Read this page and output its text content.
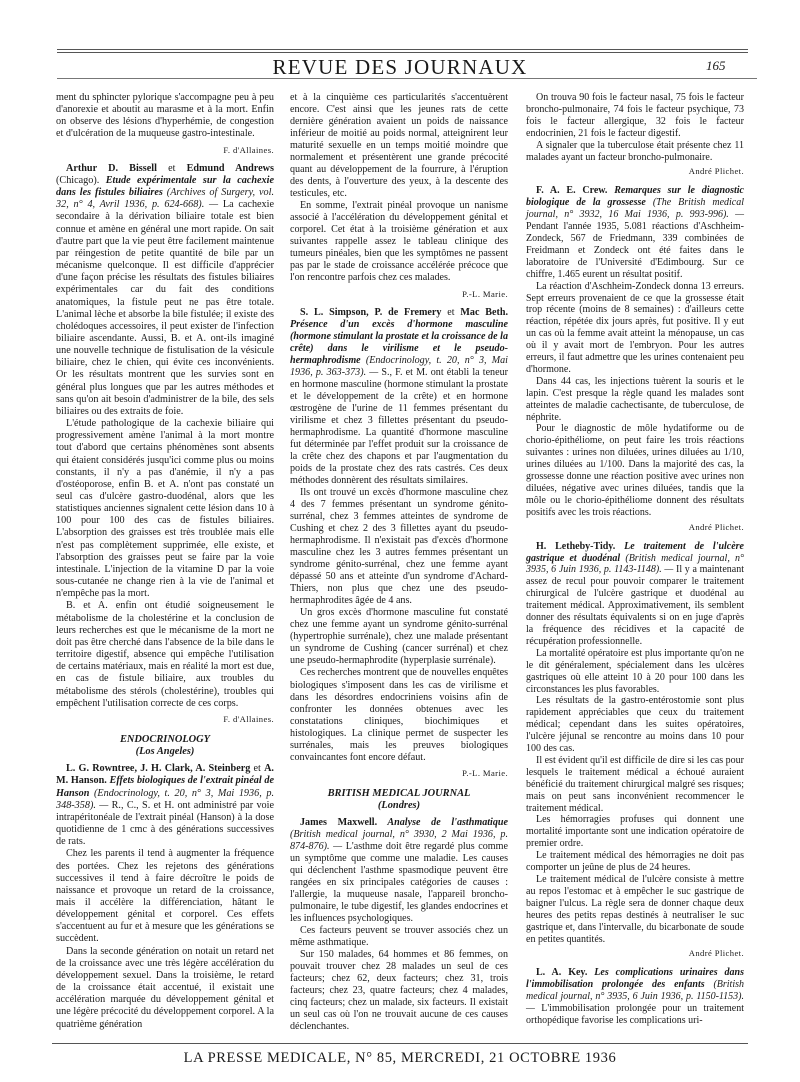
REVUE DES JOURNAUX	165

ment du sphincter pylorique s'accompagne peu à peu d'anorexie et aboutit au marasme et à la mort. Enfin on observe des lésions d'hyperhémie, de congestion et d'ulcération de la muqueuse gastro-intestinale.

F. d'Allaines.

Arthur D. Bissell et Edmund Andrews (Chicago). Etude expérimentale sur la cachexie dans les fistules biliaires (Archives of Surgery, vol. 32, n° 4, Avril 1936, p. 624-668). — La cachexie secondaire à la dérivation biliaire totale est bien connue et amène en général une mort rapide. On sait d'autre part que la vie peut être facilement maintenue par réingestion de petite quantité de bile par un mécanisme quelconque. Il est difficile d'apprécier d'une façon précise les résultats des fistules biliaires expérimentales car du fait des conditions anatomiques, la fistule peut ne pas être totale. L'animal lèche et absorbe la bile fistulée; il existe des cholédoques accessoires, il peut exister de l'infection biliaire ascendante. Aussi, B. et A. ont-ils imaginé une nouvelle technique de fistulisation de la vésicule biliaire, chez le chien, qui évite ces inconvénients. Or les résultats montrent que les survies sont en général plus longues que par les autres méthodes et sans qu'on ait besoin d'administrer de la bile, des sels biliaires ou des extraits de foie.

L'étude pathologique de la cachexie biliaire qui progressivement amène l'animal à la mort montre tout d'abord que certains phénomènes sont absents qui étaient considérés jusqu'ici comme plus ou moins constants, il n'y a pas d'anémie, il n'y a pas d'ostéoporose, enfin B. et A. n'ont pas constaté un seul cas d'ulcère gastro-duodénal, alors que les statistiques anciennes signalent cette lésion dans 10 à 100 pour 100 des cas de fistules biliaires. L'absorption des graisses est très troublée mais elle n'est pas complètement supprimée, elle existe, et l'absorption des graisses peut se faire par la voie intestinale. L'injection de la vitamine D par la voie sous-cutanée ne change rien à la vie de l'animal et n'empêche pas la mort.

B. et A. enfin ont étudié soigneusement le métabolisme de la cholestérine et la conclusion de leurs recherches est que le mécanisme de la mort ne doit pas être cherché dans l'absence de la bile dans le territoire digestif, absence qui empêche l'utilisation de certains matériaux, mais en réalité la mort est due, en cas de fistule biliaire, aux troubles du métabolisme des stérols (cholestérine), troubles qui empêchent l'utilisation correcte de ces corps.

F. d'Allaines.

ENDOCRINOLOGY

(Los Angeles)

L. G. Rowntree, J. H. Clark, A. Steinberg et A. M. Hanson. Effets biologiques de l'extrait pinéal de Hanson (Endocrinology, t. 20, n° 3, Mai 1936, p. 348-358). — R., C., S. et H. ont administré par voie intrapéritonéale de l'extrait pinéal (Hanson) à la dose quotidienne de 1 cmc à des générations successives de rats.

Chez les parents il tend à augmenter la fréquence des portées. Chez les rejetons des générations successives il tend à faire décroître le poids de naissance et provoque un retard de la croissance, mais il accélère la différenciation, hâtant le développement génital et corporel. Ces effets s'accentuent au fur et à mesure que les générations se succèdent.

Dans la seconde génération on notait un retard net de la croissance avec une très légère accélération du développement sexuel. Dans la troisième, le retard de la croissance était accentué, il existait une accélération marquée du développement génital et une légère précocité du développement corporel. A la quatrième génération

et à la cinquième ces particularités s'accentuèrent encore. C'est ainsi que les jeunes rats de cette dernière génération avaient un poids de naissance inférieur de moitié au poids normal, atteignirent leur maturité sexuelle en un temps moitié moindre que normalement et présentèrent une grande précocité quant au développement de la fourrure, à l'éruption des dents, à l'ouverture des yeux, à la descente des testicules, etc.

En somme, l'extrait pinéal provoque un nanisme associé à l'accélération du développement génital et corporel. Cet état à la troisième génération et aux suivantes rappelle assez le tableau clinique des tumeurs pinéales, bien que les symptômes ne passent pas par le stade de croissance accélérée précoce que l'on rencontre parfois chez ces malades.

P.-L. Marie.

S. L. Simpson, P. de Fremery et Mac Beth. Présence d'un excès d'hormone masculine (hormone stimulant la prostate et la croissance de la crête) dans le virilisme et le pseudo-hermaphrodisme (Endocrinology, t. 20, n° 3, Mai 1936, p. 363-373). — S., F. et M. ont établi la teneur en hormone masculine (hormone stimulant la prostate et le développement de la crête) et en hormone œstrogène de l'urine de 11 femmes présentant du virilisme et chez 3 fillettes présentant du pseudo-hermaphrodisme. La quantité d'hormone masculine fut déterminée par l'effet produit sur la croissance de la crête chez des chapons et par l'augmentation du poids de la prostate chez des rats castrés. Ces deux méthodes donnèrent des résultats similaires.

Ils ont trouvé un excès d'hormone masculine chez 4 des 7 femmes présentant un syndrome génito-surrénal, chez 3 femmes atteintes de syndrome de Cushing et chez 2 des 3 fillettes ayant du pseudo-hermaphrodisme. Il n'existait pas d'excès d'hormone masculine chez les 3 autres femmes présentant un syndrome génito-surrénal, chez une femme ayant dépassé 50 ans et atteinte d'un syndrome d'Achard-Thiers, non plus que chez une des pseudo-hermaphrodites âgée de 4 ans.

Un gros excès d'hormone masculine fut constaté chez une femme ayant un syndrome génito-surrénal (hypertrophie surrénale), chez une malade présentant un syndrome de Cushing (cancer surrénal) et chez une pseudo-hermaphrodite (hyperplasie surrénale).

Ces recherches montrent que de nouvelles enquêtes biologiques s'imposent dans les cas de virilisme et dans les désordres endocriniens voisins afin de confronter les données obtenues avec les constatations cliniques, biochimiques et histologiques. La clinique permet de suspecter les surrénales, mais les preuves biologiques convaincantes font encore défaut.

P.-L. Marie.

BRITISH MEDICAL JOURNAL

(Londres)

James Maxwell. Analyse de l'asthmatique (British medical journal, n° 3930, 2 Mai 1936, p. 874-876). — L'asthme doit être regardé plus comme un symptôme que comme une maladie. Les causes qui déclenchent l'asthme spasmodique peuvent être rangées en six principales catégories de causes : l'allergie, la muqueuse nasale, l'appareil broncho-pulmonaire, le tube digestif, les glandes endocrines et les influences psychologiques.

Ces facteurs peuvent se trouver associés chez un même asthmatique.

Sur 150 malades, 64 hommes et 86 femmes, on pouvait trouver chez 28 malades un seul de ces facteurs; chez 62, deux facteurs; chez 31, trois facteurs; chez 23, quatre facteurs; chez 4 malades, cinq facteurs; chez un malade, six facteurs. Il existait un seul cas où l'on ne trouvait aucune de ces causes déclenchantes.

On trouva 90 fois le facteur nasal, 75 fois le facteur broncho-pulmonaire, 74 fois le facteur psychique, 73 fois le facteur allergique, 32 fois le facteur endocrinien, 21 fois le facteur digestif.

A signaler que la tuberculose était présente chez 11 malades ayant un facteur broncho-pulmonaire.

André Plichet.

F. A. E. Crew. Remarques sur le diagnostic biologique de la grossesse (The British medical journal, n° 3932, 16 Mai 1936, p. 993-996). — Pendant l'année 1935, 5.081 réactions d'Aschheim-Zondeck, 567 de Friedmann, 339 combinées de Freidmann et Zondeck ont été faites dans le laboratoire de l'Université d'Edimbourg. Sur ce chiffre, 1.465 eurent un résultat positif.

La réaction d'Aschheim-Zondeck donna 13 erreurs. Sept erreurs provenaient de ce que la grossesse était trop récente (moins de 8 semaines) : d'ailleurs cette réaction, répétée dix jours après, fut positive. Il y eut un cas où la femme avait atteint la ménopause, un cas où il y avait mort de l'embryon. Pour les autres erreurs, il faut admettre que les urines contenaient peu d'hormone.

Dans 44 cas, les injections tuèrent la souris et le lapin. C'est presque la règle quand les malades sont atteintes de maladie cachectisante, de tuberculose, de néphrite.

Pour le diagnostic de môle hydatiforme ou de chorio-épithéliome, on peut faire les trois réactions suivantes : urines non diluées, urines diluées au 1/10, urines diluées au 1/100. Dans la majorité des cas, la grossesse donne une réaction positive avec urines non diluées, négative avec urines diluées, tandis que la môle ou le chorio-épithéliome donnent des résultats positifs avec les trois réactions.

André Plichet.

H. Letheby-Tidy. Le traitement de l'ulcère gastrique et duodénal (British medical journal, n° 3935, 6 Juin 1936, p. 1143-1148). — Il y a maintenant assez de recul pour pouvoir comparer le traitement chirurgical de l'ulcère gastrique et duodénal au traitement médical. Approximativement, ils semblent donner des résultats équivalents si on en juge d'après la fréquence des récidives et la capacité de récupération professionnelle.

La mortalité opératoire est plus importante qu'on ne le dit généralement, spécialement dans les ulcères gastriques où elle atteint 10 à 20 pour 100 dans les circonstances les plus favorables.

Les résultats de la gastro-entérostomie sont plus rapidement appréciables que ceux du traitement médical; cependant dans les suites opératoires, l'ulcère jéjunal se rencontre au moins dans 10 pour 100 des cas.

Il est évident qu'il est difficile de dire si les cas pour lesquels le traitement médical a échoué auraient bénéficié du traitement chirurgical malgré ses risques; mais on peut sans inconvénient recommencer le traitement médical.

Les hémorragies profuses qui donnent une mortalité importante sont une indication opératoire de premier ordre.

Le traitement médical des hémorragies ne doit pas comporter un jeûne de plus de 24 heures.

Le traitement médical de l'ulcère consiste à mettre au repos l'estomac et à empêcher le suc gastrique de baigner l'ulcus. La règle sera de donner chaque deux heures des petits repas destinés à neutraliser le suc gastrique et, dans l'intervalle, du bicarbonate de soude en petites quantités.

André Plichet.

L. A. Key. Les complications urinaires dans l'immobilisation prolongée des enfants (British medical journal, n° 3935, 6 Juin 1936, p. 1150-1153). — L'immobilisation prolongée pour un traitement orthopédique favorise les complications uri-

LA PRESSE MEDICALE, N° 85, MERCREDI, 21 OCTOBRE 1936
